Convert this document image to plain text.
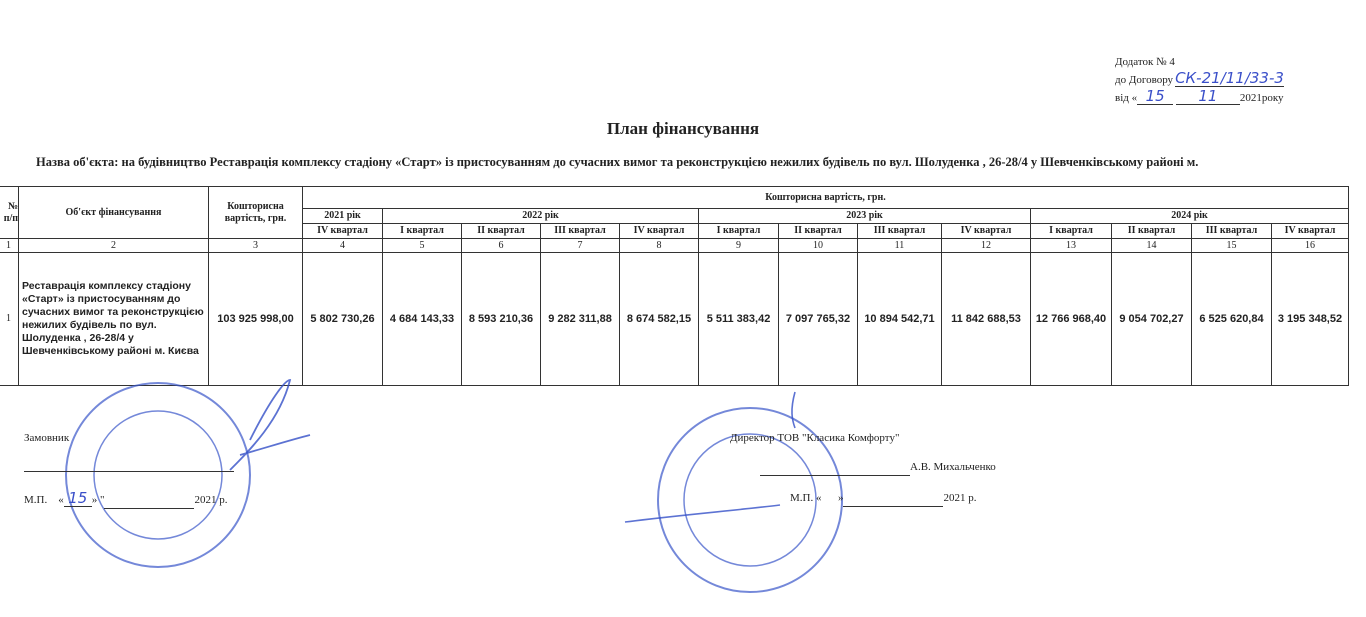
Додаток № 4
до Договору СК-21/11/33-3
від « 15 11 2021року
План фінансування
Назва об'єкта: на будівництво Реставрація комплексу стадіону «Старт» із пристосуванням до сучасних вимог та реконструкцією нежилих будівель по вул. Шолуденка , 26-28/4 у Шевченківському районі м.
№ п/п	Об'єкт фінансування	Кошторисна вартість, грн.	Кошторисна вартість, грн.												
			2021 рік	2022 рік				2023 рік				2024 рік			
			IV квартал	I квартал	II квартал	III квартал	IV квартал	I квартал	II квартал	III квартал	IV квартал	I квартал	II квартал	III квартал	IV квартал
1	2	3	4	5	6	7	8	9	10	11	12	13	14	15	16
1	Реставрація комплексу стадіону «Старт» із пристосуванням до сучасних вимог та реконструкцією нежилих будівель по вул. Шолуденка , 26-28/4 у Шевченківському районі м. Києва	103 925 998,00	5 802 730,26	4 684 143,33	8 593 210,36	9 282 311,88	8 674 582,15	5 511 383,42	7 097 765,32	10 894 542,71	11 842 688,53	12 766 968,40	9 054 702,27	6 525 620,84	3 195 348,52
Замовник
М.П. « 15 » "	2021 р.
Директор ТОВ "Класика Комфорту"
А.В. Михальченко
М.П. «      »	2021 р.
